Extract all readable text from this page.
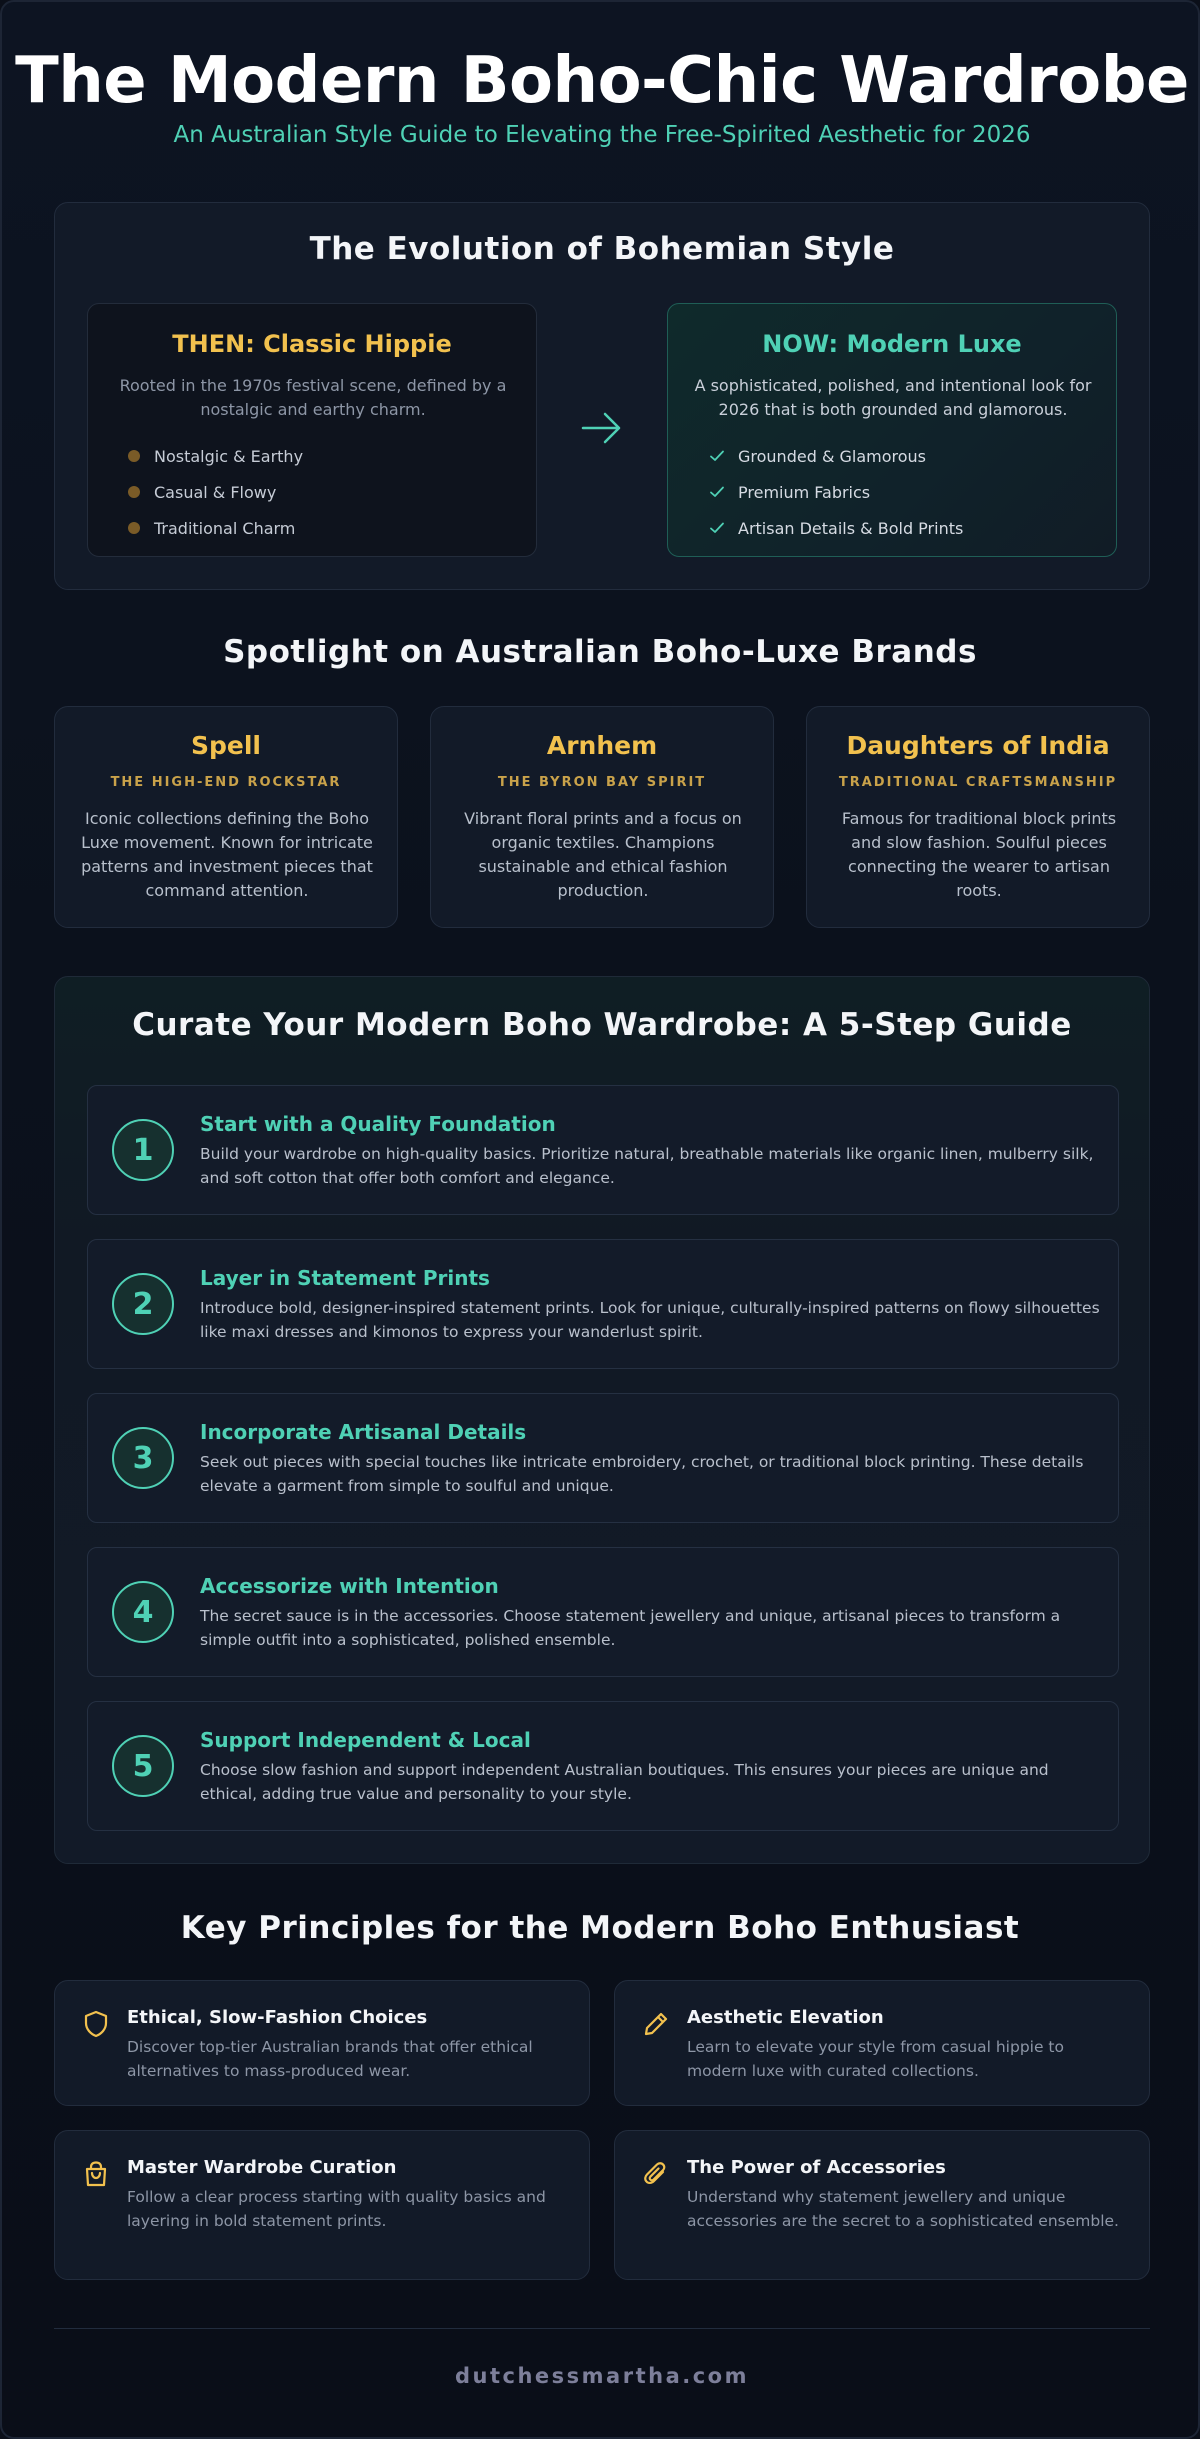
The Modern Boho-Chic Wardrobe
An Australian Style Guide to Elevating the Free-Spirited Aesthetic for 2026
The Evolution of Bohemian Style
THEN: Classic Hippie
Rooted in the 1970s festival scene, defined by a nostalgic and earthy charm.
Nostalgic & Earthy
Casual & Flowy
Traditional Charm
NOW: Modern Luxe
A sophisticated, polished, and intentional look for 2026 that is both grounded and glamorous.
Grounded & Glamorous
Premium Fabrics
Artisan Details & Bold Prints
Spotlight on Australian Boho-Luxe Brands
Spell
THE HIGH-END ROCKSTAR
Iconic collections defining the Boho Luxe movement. Known for intricate patterns and investment pieces that command attention.
Arnhem
THE BYRON BAY SPIRIT
Vibrant floral prints and a focus on organic textiles. Champions sustainable and ethical fashion production.
Daughters of India
TRADITIONAL CRAFTSMANSHIP
Famous for traditional block prints and slow fashion. Soulful pieces connecting the wearer to artisan roots.
Curate Your Modern Boho Wardrobe: A 5-Step Guide
1
Start with a Quality Foundation
Build your wardrobe on high-quality basics. Prioritize natural, breathable materials like organic linen, mulberry silk, and soft cotton that offer both comfort and elegance.
2
Layer in Statement Prints
Introduce bold, designer-inspired statement prints. Look for unique, culturally-inspired patterns on flowy silhouettes like maxi dresses and kimonos to express your wanderlust spirit.
3
Incorporate Artisanal Details
Seek out pieces with special touches like intricate embroidery, crochet, or traditional block printing. These details elevate a garment from simple to soulful and unique.
4
Accessorize with Intention
The secret sauce is in the accessories. Choose statement jewellery and unique, artisanal pieces to transform a simple outfit into a sophisticated, polished ensemble.
5
Support Independent & Local
Choose slow fashion and support independent Australian boutiques. This ensures your pieces are unique and ethical, adding true value and personality to your style.
Key Principles for the Modern Boho Enthusiast
Ethical, Slow-Fashion Choices
Discover top-tier Australian brands that offer ethical alternatives to mass-produced wear.
Aesthetic Elevation
Learn to elevate your style from casual hippie to modern luxe with curated collections.
Master Wardrobe Curation
Follow a clear process starting with quality basics and layering in bold statement prints.
The Power of Accessories
Understand why statement jewellery and unique accessories are the secret to a sophisticated ensemble.
dutchessmartha.com
